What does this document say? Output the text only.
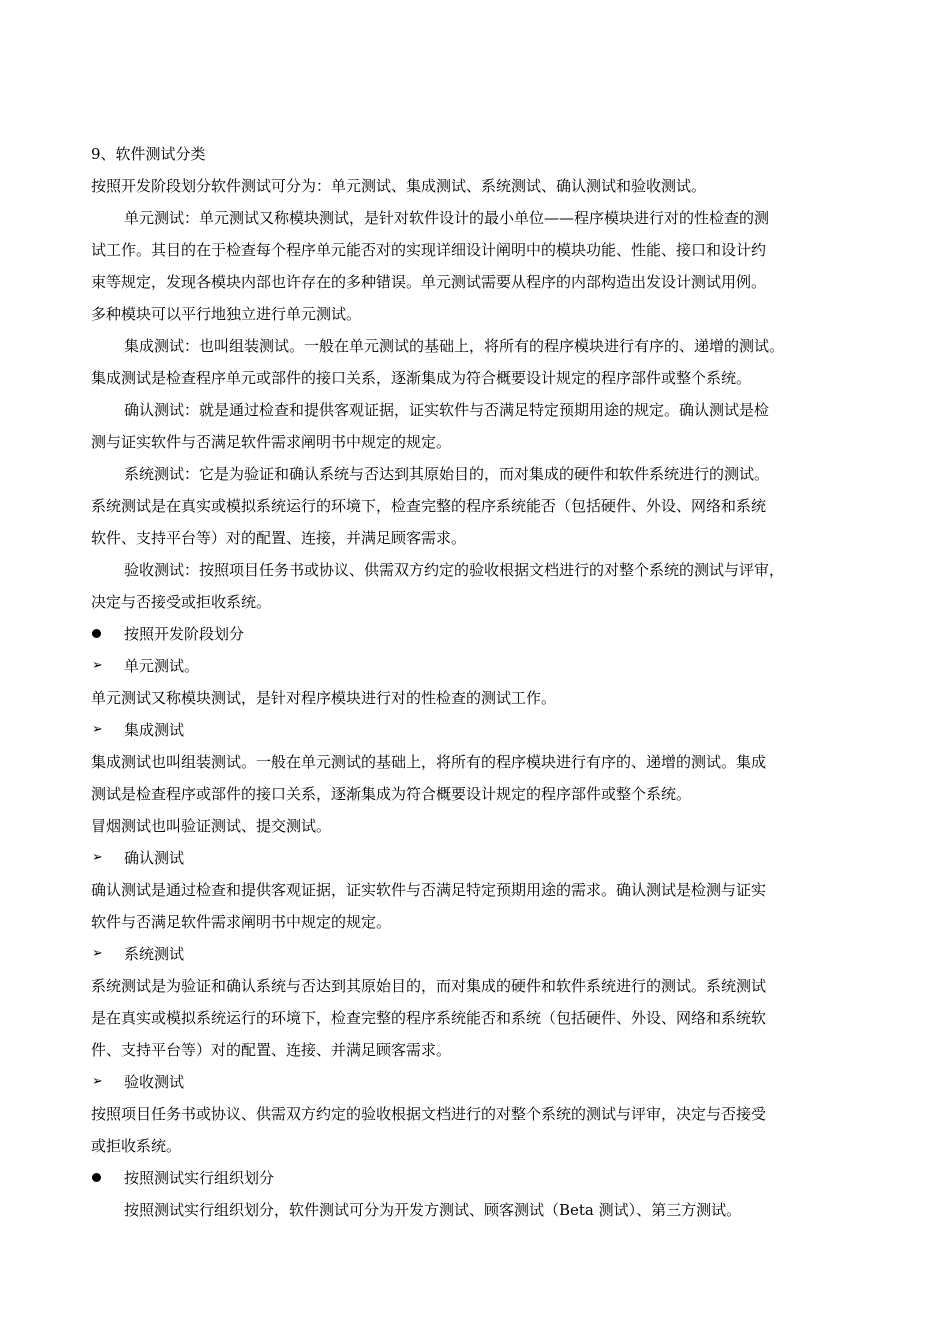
9、软件测试分类
按照开发阶段划分软件测试可分为：单元测试、集成测试、系统测试、确认测试和验收测试。
单元测试：单元测试又称模块测试，是针对软件设计的最小单位——程序模块进行对的性检查的测
试工作。其目的在于检查每个程序单元能否对的实现详细设计阐明中的模块功能、性能、接口和设计约
束等规定，发现各模块内部也许存在的多种错误。单元测试需要从程序的内部构造出发设计测试用例。
多种模块可以平行地独立进行单元测试。
集成测试：也叫组装测试。一般在单元测试的基础上，将所有的程序模块进行有序的、递增的测试。
集成测试是检查程序单元或部件的接口关系，逐渐集成为符合概要设计规定的程序部件或整个系统。
确认测试：就是通过检查和提供客观证据，证实软件与否满足特定预期用途的规定。确认测试是检
测与证实软件与否满足软件需求阐明书中规定的规定。
系统测试：它是为验证和确认系统与否达到其原始目的，而对集成的硬件和软件系统进行的测试。
系统测试是在真实或模拟系统运行的环境下，检查完整的程序系统能否（包括硬件、外设、网络和系统
软件、支持平台等）对的配置、连接，并满足顾客需求。
验收测试：按照项目任务书或协议、供需双方约定的验收根据文档进行的对整个系统的测试与评审，
决定与否接受或拒收系统。
按照开发阶段划分
➢ 单元测试。
单元测试又称模块测试，是针对程序模块进行对的性检查的测试工作。
➢ 集成测试
集成测试也叫组装测试。一般在单元测试的基础上，将所有的程序模块进行有序的、递增的测试。集成
测试是检查程序或部件的接口关系，逐渐集成为符合概要设计规定的程序部件或整个系统。
冒烟测试也叫验证测试、提交测试。
➢ 确认测试
确认测试是通过检查和提供客观证据，证实软件与否满足特定预期用途的需求。确认测试是检测与证实
软件与否满足软件需求阐明书中规定的规定。
➢ 系统测试
系统测试是为验证和确认系统与否达到其原始目的，而对集成的硬件和软件系统进行的测试。系统测试
是在真实或模拟系统运行的环境下，检查完整的程序系统能否和系统（包括硬件、外设、网络和系统软
件、支持平台等）对的配置、连接、并满足顾客需求。
➢ 验收测试
按照项目任务书或协议、供需双方约定的验收根据文档进行的对整个系统的测试与评审，决定与否接受
或拒收系统。
按照测试实行组织划分
按照测试实行组织划分，软件测试可分为开发方测试、顾客测试（Beta 测试）、第三方测试。
